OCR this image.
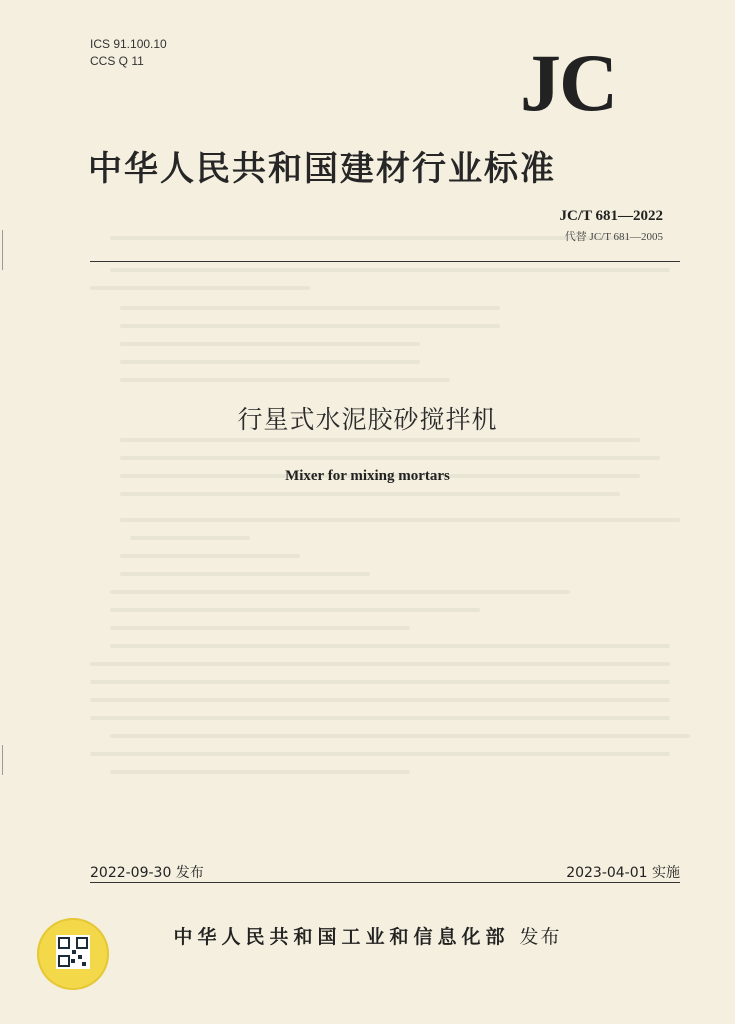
ICS 91.100.10
CCS Q 11	JC
中华人民共和国建材行业标准
JC/T 681—2022
代替 JC/T 681—2005
行星式水泥胶砂搅拌机
Mixer for mixing mortars
2022-09-30 发布	2023-04-01 实施
中华人民共和国工业和信息化部 发布
